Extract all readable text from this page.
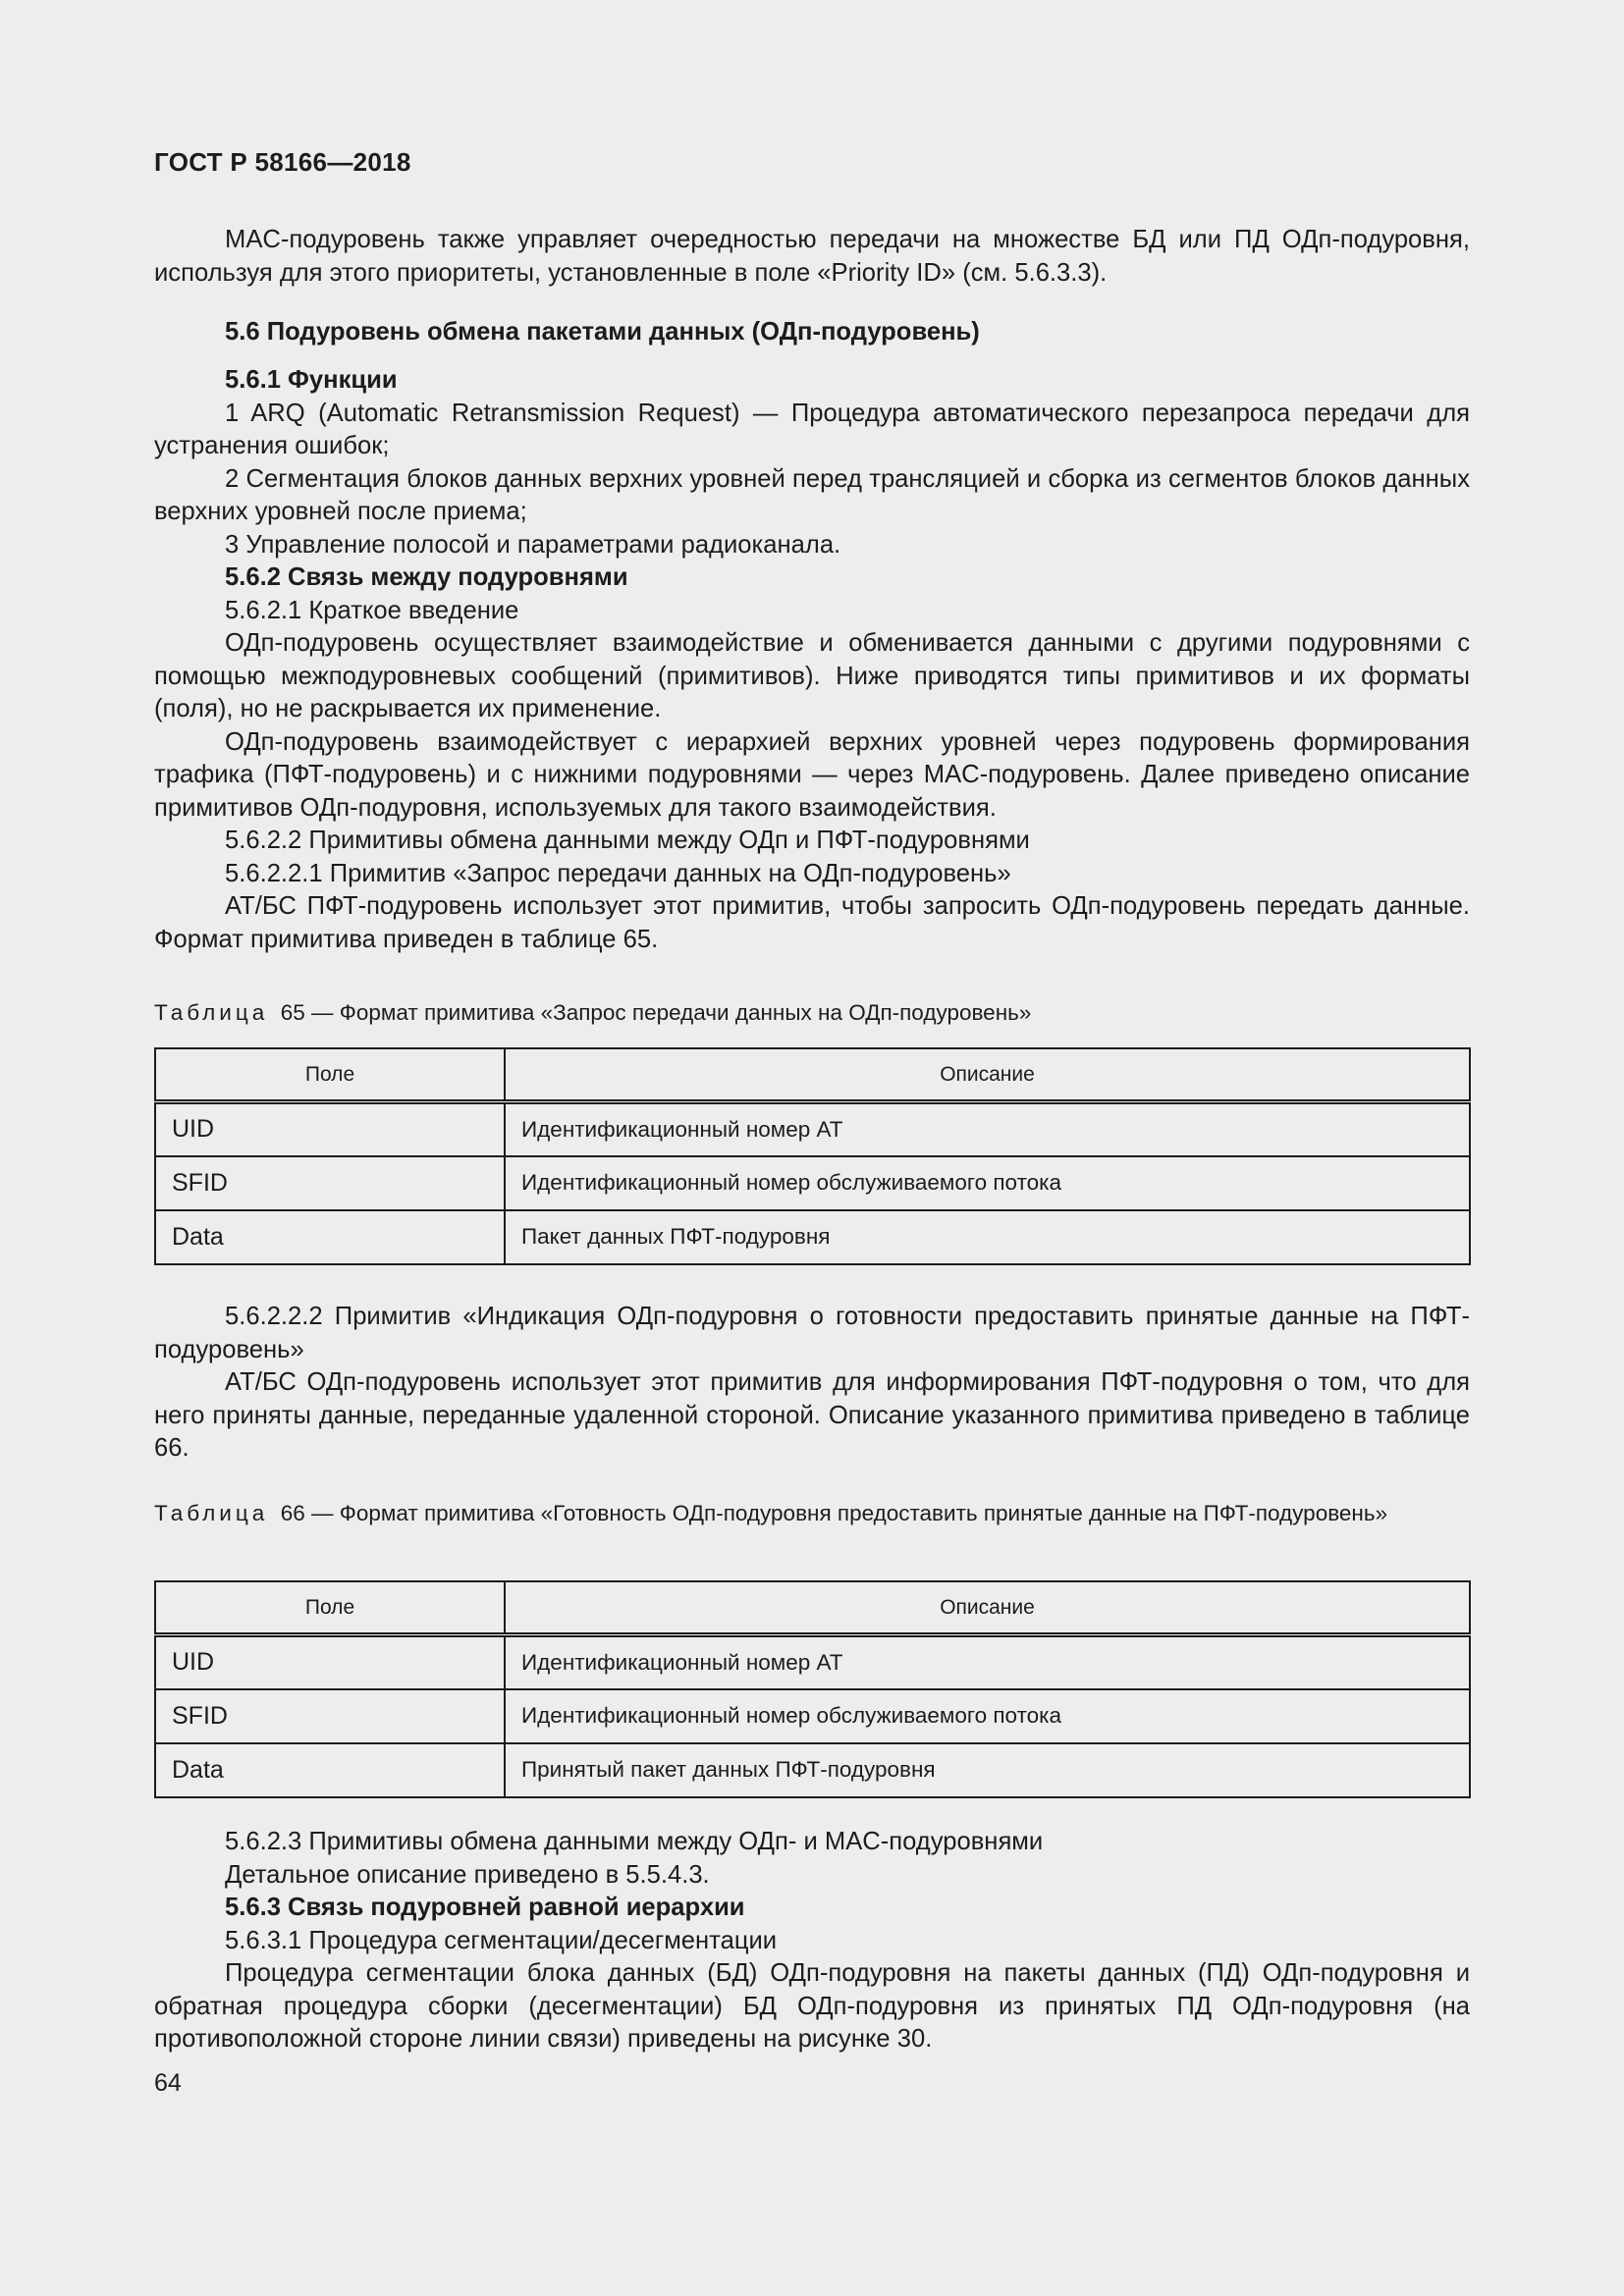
ГОСТ Р 58166—2018

MAC-подуровень также управляет очередностью передачи на множестве БД или ПД ОДп-подуровня, используя для этого приоритеты, установленные в поле «Priority ID» (см. 5.6.3.3).

5.6 Подуровень обмена пакетами данных (ОДп-подуровень)

5.6.1 Функции

1 ARQ (Automatic Retransmission Request) — Процедура автоматического перезапроса передачи для устранения ошибок;

2 Сегментация блоков данных верхних уровней перед трансляцией и сборка из сегментов блоков данных верхних уровней после приема;

3 Управление полосой и параметрами радиоканала.

5.6.2 Связь между подуровнями

5.6.2.1 Краткое введение

ОДп-подуровень осуществляет взаимодействие и обменивается данными с другими подуровнями с помощью межподуровневых сообщений (примитивов). Ниже приводятся типы примитивов и их форматы (поля), но не раскрывается их применение.

ОДп-подуровень взаимодействует с иерархией верхних уровней через подуровень формирования трафика (ПФТ-подуровень) и с нижними подуровнями — через MAC-подуровень. Далее приведено описание примитивов ОДп-подуровня, используемых для такого взаимодействия.

5.6.2.2 Примитивы обмена данными между ОДп и ПФТ-подуровнями

5.6.2.2.1 Примитив «Запрос передачи данных на ОДп-подуровень»

АТ/БС ПФТ-подуровень использует этот примитив, чтобы запросить ОДп-подуровень передать данные. Формат примитива приведен в таблице 65.

Таблица 65 — Формат примитива «Запрос передачи данных на ОДп-подуровень»
Поле	Описание
UID	Идентификационный номер АТ
SFID	Идентификационный номер обслуживаемого потока
Data	Пакет данных ПФТ-подуровня

5.6.2.2.2 Примитив «Индикация ОДп-подуровня о готовности предоставить принятые данные на ПФТ-подуровень»

АТ/БС ОДп-подуровень использует этот примитив для информирования ПФТ-подуровня о том, что для него приняты данные, переданные удаленной стороной. Описание указанного примитива приведено в таблице 66.

Таблица 66 — Формат примитива «Готовность ОДп-подуровня предоставить принятые данные на ПФТ-подуровень»
Поле	Описание
UID	Идентификационный номер АТ
SFID	Идентификационный номер обслуживаемого потока
Data	Принятый пакет данных ПФТ-подуровня

5.6.2.3 Примитивы обмена данными между ОДп- и MAC-подуровнями

Детальное описание приведено в 5.5.4.3.

5.6.3 Связь подуровней равной иерархии

5.6.3.1 Процедура сегментации/десегментации

Процедура сегментации блока данных (БД) ОДп-подуровня на пакеты данных (ПД) ОДп-подуровня и обратная процедура сборки (десегментации) БД ОДп-подуровня из принятых ПД ОДп-подуровня (на противоположной стороне линии связи) приведены на рисунке 30.

64
